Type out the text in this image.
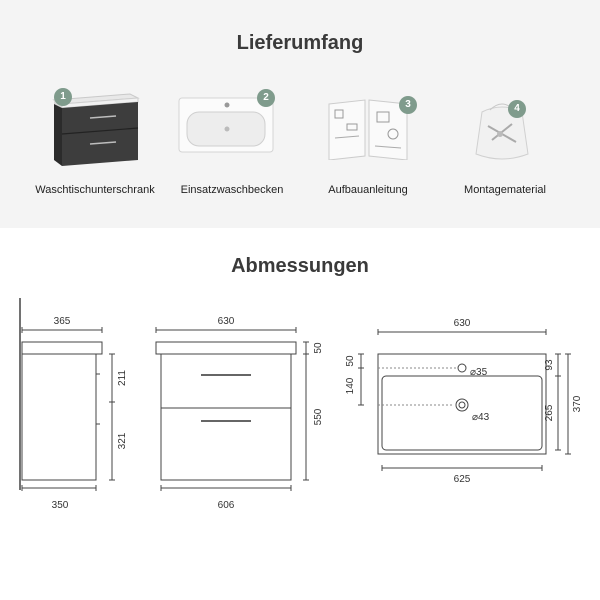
Lieferumfang
1
Waschtischunterschrank
2
Einsatzwaschbecken
3
Aufbauanleitung
4
Montagematerial
Abmessungen
365
350
211
321
630
606
50
550
630
625
50
140
⌀35
⌀43
93
265
370
